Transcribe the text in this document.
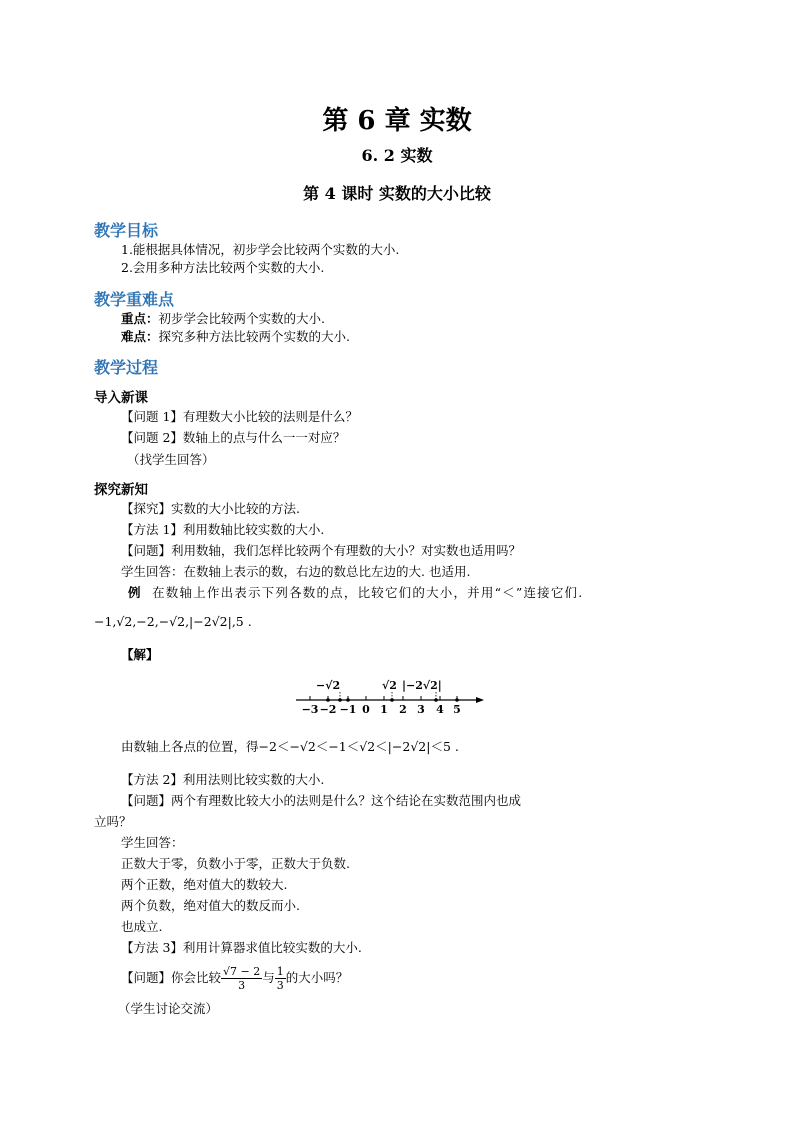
第 6 章 实数
6. 2 实数
第 4 课时 实数的大小比较
教学目标
1.能根据具体情况，初步学会比较两个实数的大小.
2.会用多种方法比较两个实数的大小.
教学重难点
重点：初步学会比较两个实数的大小.
难点：探究多种方法比较两个实数的大小.
教学过程
导入新课
【问题 1】有理数大小比较的法则是什么？
【问题 2】数轴上的点与什么一一对应？
（找学生回答）
探究新知
【探究】实数的大小比较的方法.
【方法 1】利用数轴比较实数的大小.
【问题】利用数轴，我们怎样比较两个有理数的大小？对实数也适用吗？
学生回答：在数轴上表示的数，右边的数总比左边的大. 也适用.
例 在数轴上作出表示下列各数的点，比较它们的大小，并用“＜”连接它们.
−1,√2,−2,−√2,|−2√2|,5 .
【解】
−√2	√2 |−2√2|
−3 −2 −1 0 1 2 3 4 5
由数轴上各点的位置，得−2＜−√2＜−1＜√2＜|−2√2|＜5 .
【方法 2】利用法则比较实数的大小.
【问题】两个有理数比较大小的法则是什么？这个结论在实数范围内也成
立吗？
学生回答：
正数大于零，负数小于零，正数大于负数.
两个正数，绝对值大的数较大.
两个负数，绝对值大的数反而小.
也成立.
【方法 3】利用计算器求值比较实数的大小.
【问题】你会比较 $\frac{√7 - 2}{3}$ 与 $\frac{1}{3}$ 的大小吗？
（学生讨论交流）
